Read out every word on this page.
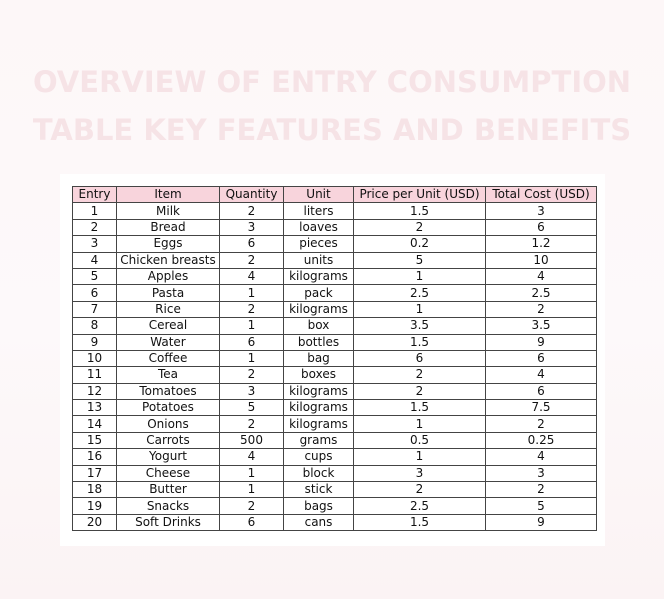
OVERVIEW OF ENTRY CONSUMPTION
TABLE KEY FEATURES AND BENEFITS
Entry	Item	Quantity	Unit	Price per Unit (USD)	Total Cost (USD)
1	Milk	2	liters	1.5	3
2	Bread	3	loaves	2	6
3	Eggs	6	pieces	0.2	1.2
4	Chicken breasts	2	units	5	10
5	Apples	4	kilograms	1	4
6	Pasta	1	pack	2.5	2.5
7	Rice	2	kilograms	1	2
8	Cereal	1	box	3.5	3.5
9	Water	6	bottles	1.5	9
10	Coffee	1	bag	6	6
11	Tea	2	boxes	2	4
12	Tomatoes	3	kilograms	2	6
13	Potatoes	5	kilograms	1.5	7.5
14	Onions	2	kilograms	1	2
15	Carrots	500	grams	0.5	0.25
16	Yogurt	4	cups	1	4
17	Cheese	1	block	3	3
18	Butter	1	stick	2	2
19	Snacks	2	bags	2.5	5
20	Soft Drinks	6	cans	1.5	9
